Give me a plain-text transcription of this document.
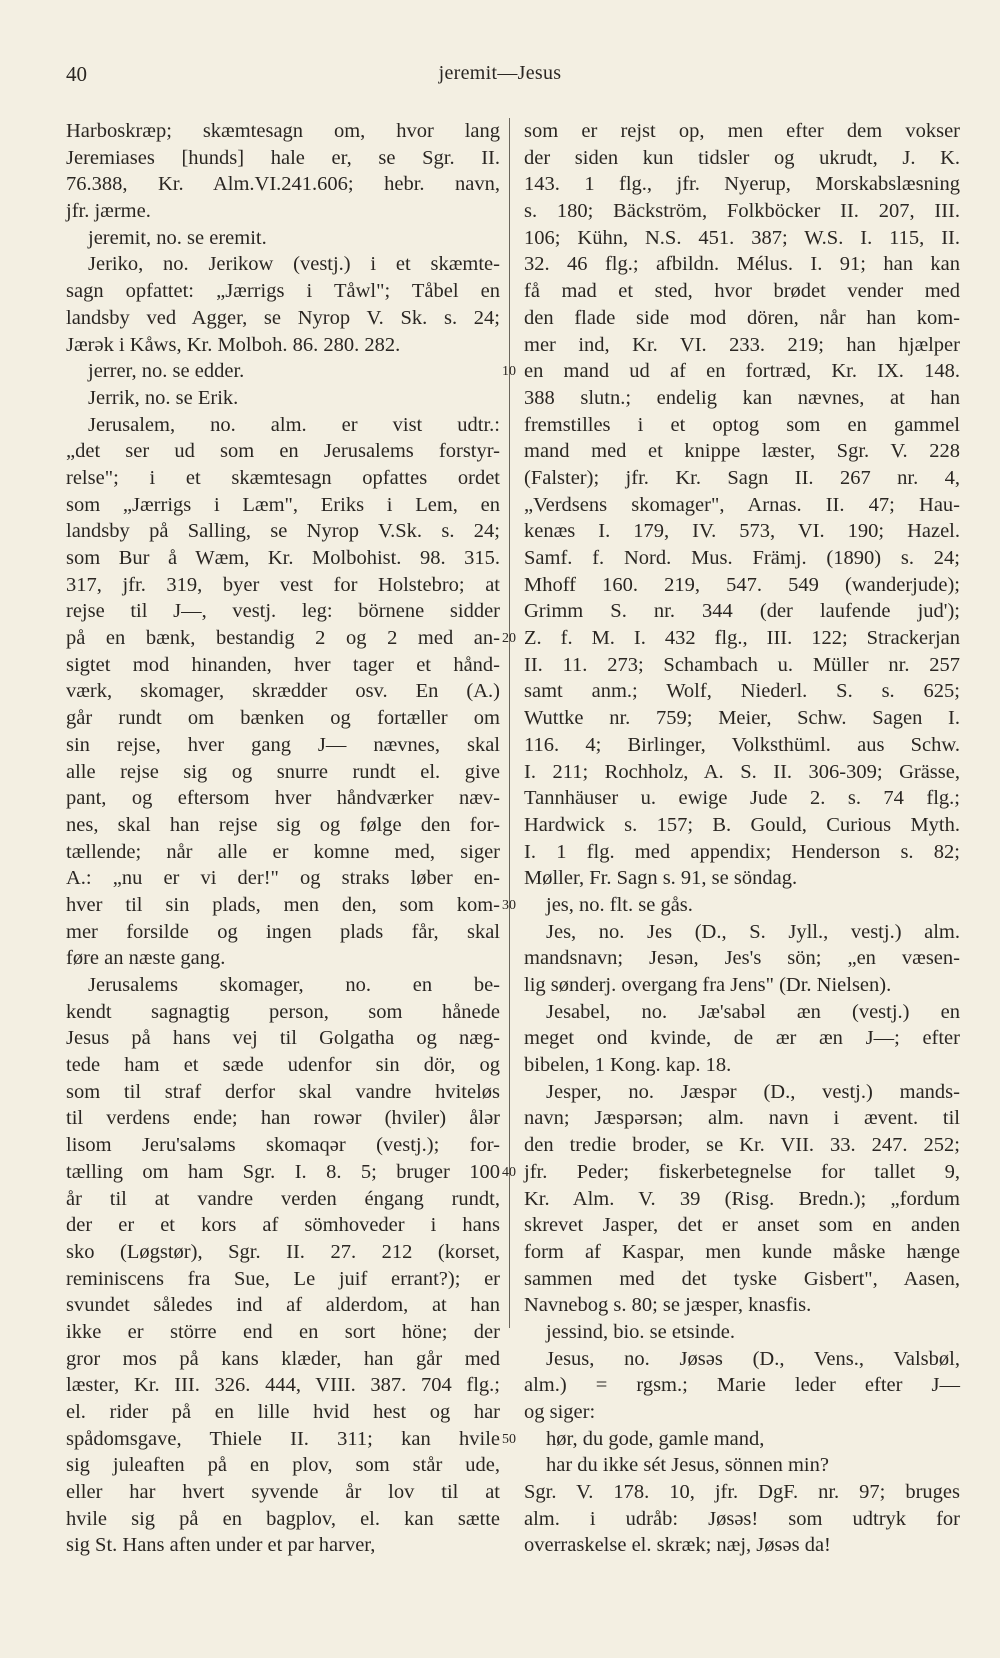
40	jeremit—Jesus
Harboskræp; skæmtesagn om, hvor lang
Jeremiases [hunds] hale er, se Sgr. II.
76.388, Kr. Alm.VI.241.606; hebr. navn,
jfr. jærme.
jeremit, no. se eremit.
Jeriko, no. Jerikow (vestj.) i et skæmte-
sagn opfattet: „Jærrigs i Tåwl"; Tåbel en
landsby ved Agger, se Nyrop V. Sk. s. 24;
Jærək i Kåws, Kr. Molboh. 86. 280. 282.
jerrer, no. se edder.
Jerrik, no. se Erik.
Jerusalem, no. alm. er vist udtr.:
„det ser ud som en Jerusalems forstyr-
relse"; i et skæmtesagn opfattes ordet
som „Jærrigs i Læm", Eriks i Lem, en
landsby på Salling, se Nyrop V.Sk. s. 24;
som Bur å Wæm, Kr. Molbohist. 98. 315.
317, jfr. 319, byer vest for Holstebro; at
rejse til J—, vestj. leg: börnene sidder
på en bænk, bestandig 2 og 2 med an-
sigtet mod hinanden, hver tager et hånd-
værk, skomager, skrædder osv. En (A.)
går rundt om bænken og fortæller om
sin rejse, hver gang J— nævnes, skal
alle rejse sig og snurre rundt el. give
pant, og eftersom hver håndværker næv-
nes, skal han rejse sig og følge den for-
tællende; når alle er komne med, siger
A.: „nu er vi der!" og straks løber en-
hver til sin plads, men den, som kom-
mer forsilde og ingen plads får, skal
føre an næste gang.
Jerusalems skomager, no. en be-
kendt sagnagtig person, som hånede
Jesus på hans vej til Golgatha og næg-
tede ham et sæde udenfor sin dör, og
som til straf derfor skal vandre hviteløs
til verdens ende; han rowər (hviler) ålər
lisom Jeru'saləms skomaqər (vestj.); for-
tælling om ham Sgr. I. 8. 5; bruger 100
år til at vandre verden éngang rundt,
der er et kors af sömhoveder i hans
sko (Løgstør), Sgr. II. 27. 212 (korset,
reminiscens fra Sue, Le juif errant?); er
svundet således ind af alderdom, at han
ikke er större end en sort höne; der
gror mos på kans klæder, han går med
læster, Kr. III. 326. 444, VIII. 387. 704 flg.;
el. rider på en lille hvid hest og har
spådomsgave, Thiele II. 311; kan hvile
sig juleaften på en plov, som står ude,
eller har hvert syvende år lov til at
hvile sig på en bagplov, el. kan sætte
sig St. Hans aften under et par harver,
som er rejst op, men efter dem vokser
der siden kun tidsler og ukrudt, J. K.
143. 1 flg., jfr. Nyerup, Morskabslæsning
s. 180; Bäckström, Folkböcker II. 207, III.
106; Kühn, N.S. 451. 387; W.S. I. 115, II.
32. 46 flg.; afbildn. Mélus. I. 91; han kan
få mad et sted, hvor brødet vender med
den flade side mod dören, når han kom-
mer ind, Kr. VI. 233. 219; han hjælper
en mand ud af en fortræd, Kr. IX. 148.
388 slutn.; endelig kan nævnes, at han
fremstilles i et optog som en gammel
mand med et knippe læster, Sgr. V. 228
(Falster); jfr. Kr. Sagn II. 267 nr. 4,
„Verdsens skomager", Arnas. II. 47; Hau-
kenæs I. 179, IV. 573, VI. 190; Hazel.
Samf. f. Nord. Mus. Främj. (1890) s. 24;
Mhoff 160. 219, 547. 549 (wanderjude);
Grimm S. nr. 344 (der laufende jud');
Z. f. M. I. 432 flg., III. 122; Strackerjan
II. 11. 273; Schambach u. Müller nr. 257
samt anm.; Wolf, Niederl. S. s. 625;
Wuttke nr. 759; Meier, Schw. Sagen I.
116. 4; Birlinger, Volksthüml. aus Schw.
I. 211; Rochholz, A. S. II. 306-309; Grässe,
Tannhäuser u. ewige Jude 2. s. 74 flg.;
Hardwick s. 157; B. Gould, Curious Myth.
I. 1 flg. med appendix; Henderson s. 82;
Møller, Fr. Sagn s. 91, se söndag.
jes, no. flt. se gås.
Jes, no. Jes (D., S. Jyll., vestj.) alm.
mandsnavn; Jesən, Jes's sön; „en væsen-
lig sønderj. overgang fra Jens" (Dr. Nielsen).
Jesabel, no. Jæ'sabəl æn (vestj.) en
meget ond kvinde, de ær æn J—; efter
bibelen, 1 Kong. kap. 18.
Jesper, no. Jæspər (D., vestj.) mands-
navn; Jæspərsən; alm. navn i ævent. til
den tredie broder, se Kr. VII. 33. 247. 252;
jfr. Peder; fiskerbetegnelse for tallet 9,
Kr. Alm. V. 39 (Risg. Bredn.); „fordum
skrevet Jasper, det er anset som en anden
form af Kaspar, men kunde måske hænge
sammen med det tyske Gisbert", Aasen,
Navnebog s. 80; se jæsper, knasfis.
jessind, bio. se etsinde.
Jesus, no. Jøsəs (D., Vens., Valsbøl,
alm.) = rgsm.; Marie leder efter J—
og siger:
hør, du gode, gamle mand,
har du ikke sét Jesus, sönnen min?
Sgr. V. 178. 10, jfr. DgF. nr. 97; bruges
alm. i udråb: Jøsəs! som udtryk for
overraskelse el. skræk; næj, Jøsəs da!
10
20
30
40
50
